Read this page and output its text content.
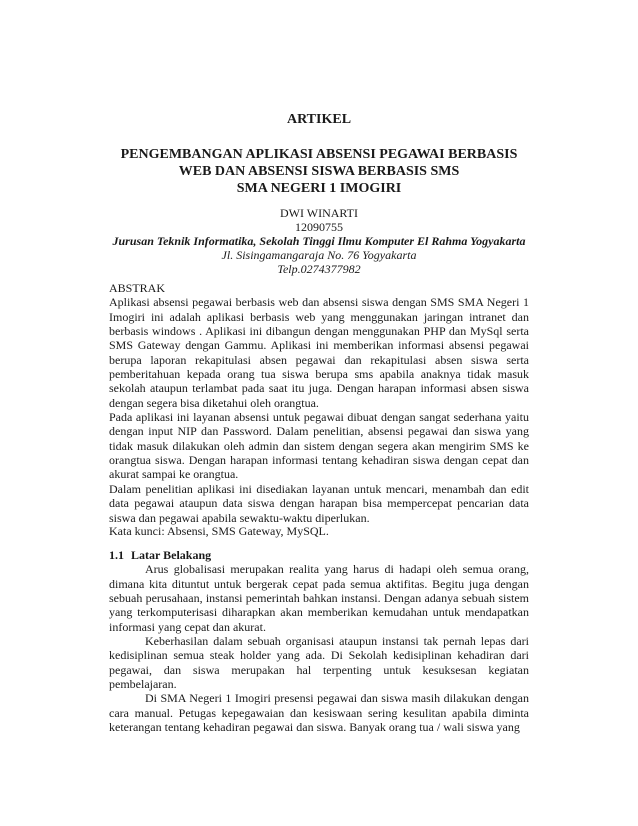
ARTIKEL
PENGEMBANGAN APLIKASI ABSENSI PEGAWAI BERBASIS
WEB DAN ABSENSI SISWA BERBASIS SMS
SMA NEGERI 1 IMOGIRI
DWI WINARTI
12090755
Jurusan Teknik Informatika, Sekolah Tinggi Ilmu Komputer El Rahma Yogyakarta
Jl. Sisingamangaraja No. 76 Yogyakarta
Telp.0274377982

ABSTRAK

Aplikasi absensi pegawai berbasis web dan absensi siswa dengan SMS SMA Negeri 1 Imogiri ini adalah aplikasi berbasis web yang menggunakan jaringan intranet dan berbasis windows . Aplikasi ini dibangun dengan menggunakan PHP dan MySql serta SMS Gateway dengan Gammu. Aplikasi ini memberikan informasi absensi pegawai berupa laporan rekapitulasi absen pegawai dan rekapitulasi absen siswa serta pemberitahuan kepada orang tua siswa berupa sms apabila anaknya tidak masuk sekolah ataupun terlambat pada saat itu juga. Dengan harapan informasi absen siswa dengan segera bisa diketahui oleh orangtua.

Pada aplikasi ini layanan absensi untuk pegawai dibuat dengan sangat sederhana yaitu dengan input NIP dan Password. Dalam penelitian, absensi pegawai dan siswa yang tidak masuk dilakukan oleh admin dan sistem dengan segera akan mengirim SMS ke orangtua siswa. Dengan harapan informasi tentang kehadiran siswa dengan cepat dan akurat sampai ke orangtua.

Dalam penelitian aplikasi ini disediakan layanan untuk mencari, menambah dan edit data pegawai ataupun data siswa dengan harapan bisa mempercepat pencarian data siswa dan pegawai apabila sewaktu-waktu diperlukan.

Kata kunci: Absensi, SMS Gateway, MySQL.

1.1 Latar Belakang

Arus globalisasi merupakan realita yang harus di hadapi oleh semua orang, dimana kita dituntut untuk bergerak cepat pada semua aktifitas. Begitu juga dengan sebuah perusahaan, instansi pemerintah bahkan instansi. Dengan adanya sebuah sistem yang terkomputerisasi diharapkan akan memberikan kemudahan untuk mendapatkan informasi yang cepat dan akurat.

Keberhasilan dalam sebuah organisasi ataupun instansi tak pernah lepas dari kedisiplinan semua steak holder yang ada. Di Sekolah kedisiplinan kehadiran dari pegawai, dan siswa merupakan hal terpenting untuk kesuksesan kegiatan pembelajaran.

Di SMA Negeri 1 Imogiri presensi pegawai dan siswa masih dilakukan dengan cara manual. Petugas kepegawaian dan kesiswaan sering kesulitan apabila diminta keterangan tentang kehadiran pegawai dan siswa. Banyak orang tua / wali siswa yang
